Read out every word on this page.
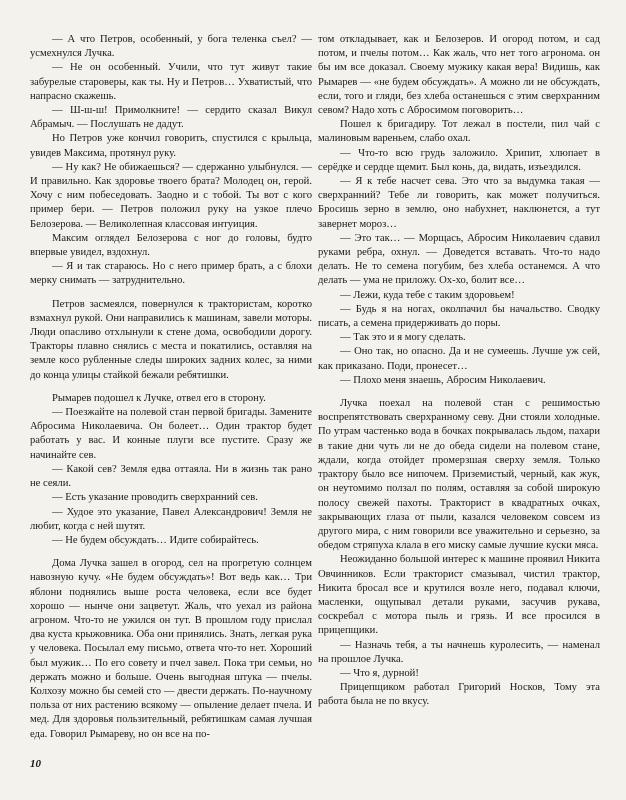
— А что Петров, особенный, у бога теленка съел? — усмехнулся Лучка.

— Не он особенный. Учили, что тут живут такие забурелые староверы, как ты. Ну и Петров… Ухватистый, что напрасно скажешь.

— Ш-ш-ш! Примолкните! — сердито сказал Викул Абрамыч. — Послушать не дадут.

Но Петров уже кончил говорить, спустился с крыльца, увидев Максима, протянул руку.

— Ну как? Не обижаешься? — сдержанно улыбнулся. — И правильно. Как здоровье твоего брата? Молодец он, герой. Хочу с ним побеседовать. Заодно и с тобой. Ты вот с кого пример бери. — Петров положил руку на узкое плечо Белозерова. — Великолепная классовая интуиция.

Максим оглядел Белозерова с ног до головы, будто впервые увидел, вздохнул.

— Я и так стараюсь. Но с него пример брать, а с блохи мерку снимать — затруднительно.

Петров засмеялся, повернулся к трактористам, коротко взмахнул рукой. Они направились к машинам, завели моторы. Люди опасливо отхлынули к стене дома, освободили дорогу. Тракторы плавно снялись с места и покатились, оставляя на земле косо рубленные следы широких задних колес, за ними до конца улицы стайкой бежали ребятишки.

Рымарев подошел к Лучке, отвел его в сторону.

— Поезжайте на полевой стан первой бригады. Замените Абросима Николаевича. Он болеет… Один трактор будет работать у вас. И конные плуги все пустите. Сразу же начинайте сев.

— Какой сев? Земля едва оттаяла. Ни в жизнь так рано не сеяли.

— Есть указание проводить сверхранний сев.

— Худое это указание, Павел Александрович! Земля не любит, когда с ней шутят.

— Не будем обсуждать… Идите собирайтесь.

Дома Лучка зашел в огород, сел на прогретую солнцем навозную кучу. «Не будем обсуждать»! Вот ведь как… Три яблони поднялись выше роста человека, если все будет хорошо — нынче они зацветут. Жаль, что уехал из района агроном. Что-то не ужился он тут. В прошлом году прислал два куста крыжовника. Оба они принялись. Знать, легкая рука у человека. Посылал ему письмо, ответа что-то нет. Хороший был мужик… По его совету и пчел завел. Пока три семьи, но держать можно и больше. Очень выгодная штука — пчелы. Колхозу можно бы семей сто — двести держать. По-научному польза от них растению всякому — опыление делает пчела. И мед. Для здоровья пользительный, ребятишкам самая лучшая еда. Говорил Рымареву, но он все на по-

том откладывает, как и Белозеров. И огород потом, и сад потом, и пчелы потом… Как жаль, что нет того агронома. он бы им все доказал. Своему мужику какая вера! Видишь, как Рымарев — «не будем обсуждать». А можно ли не обсуждать, если, того и гляди, без хлеба останешься с этим сверхранним севом? Надо хоть с Абросимом поговорить…

Пошел к бригадиру. Тот лежал в постели, пил чай с малиновым вареньем, слабо охал.

— Что-то всю грудь заложило. Хрипит, хлюпает в серёдке и сердце щемит. Был конь, да, видать, изъездился.

— Я к тебе насчет сева. Это что за выдумка такая — сверхранний? Тебе ли говорить, как может получиться. Бросишь зерно в землю, оно набухнет, наклюнется, а тут завернет мороз…

— Это так… — Морщась, Абросим Николаевич сдавил руками ребра, охнул. — Доведется вставать. Что-то надо делать. Не то семена погубим, без хлеба останемся. А что делать — ума не приложу. Ох-хо, болит все…

— Лежи, куда тебе с таким здоровьем!

— Будь я на ногах, околпачил бы начальство. Сводку писать, а семена придерживать до поры.

— Так это и я могу сделать.

— Оно так, но опасно. Да и не сумеешь. Лучше уж сей, как приказано. Поди, пронесет…

— Плохо меня знаешь, Абросим Николаевич.

Лучка поехал на полевой стан с решимостью воспрепятствовать сверхранному севу. Дни стояли холодные. По утрам частенько вода в бочках покрывалась льдом, пахари в такие дни чуть ли не до обеда сидели на полевом стане, ждали, когда отойдет промерзшая сверху земля. Только трактору было все нипочем. Приземистый, черный, как жук, он неутомимо ползал по полям, оставляя за собой широкую полосу свежей пахоты. Тракторист в квадратных очках, закрывающих глаза от пыли, казался человеком совсем из другого мира, с ним говорили все уважительно и серьезно, за обедом стряпуха клала в его миску самые лучшие куски мяса.

Неожиданно большой интерес к машине проявил Никита Овчинников. Если тракторист смазывал, чистил трактор, Никита бросал все и крутился возле него, подавал ключи, масленки, ощупывал детали руками, засучив рукава, соскребал с мотора пыль и грязь. И все просился в прицепщики.

— Назначь тебя, а ты начнешь куролесить, — наменал на прошлое Лучка.

— Что я, дурной!

Прицепщиком работал Григорий Носков, Тому эта работа была не по вкусу.

10
